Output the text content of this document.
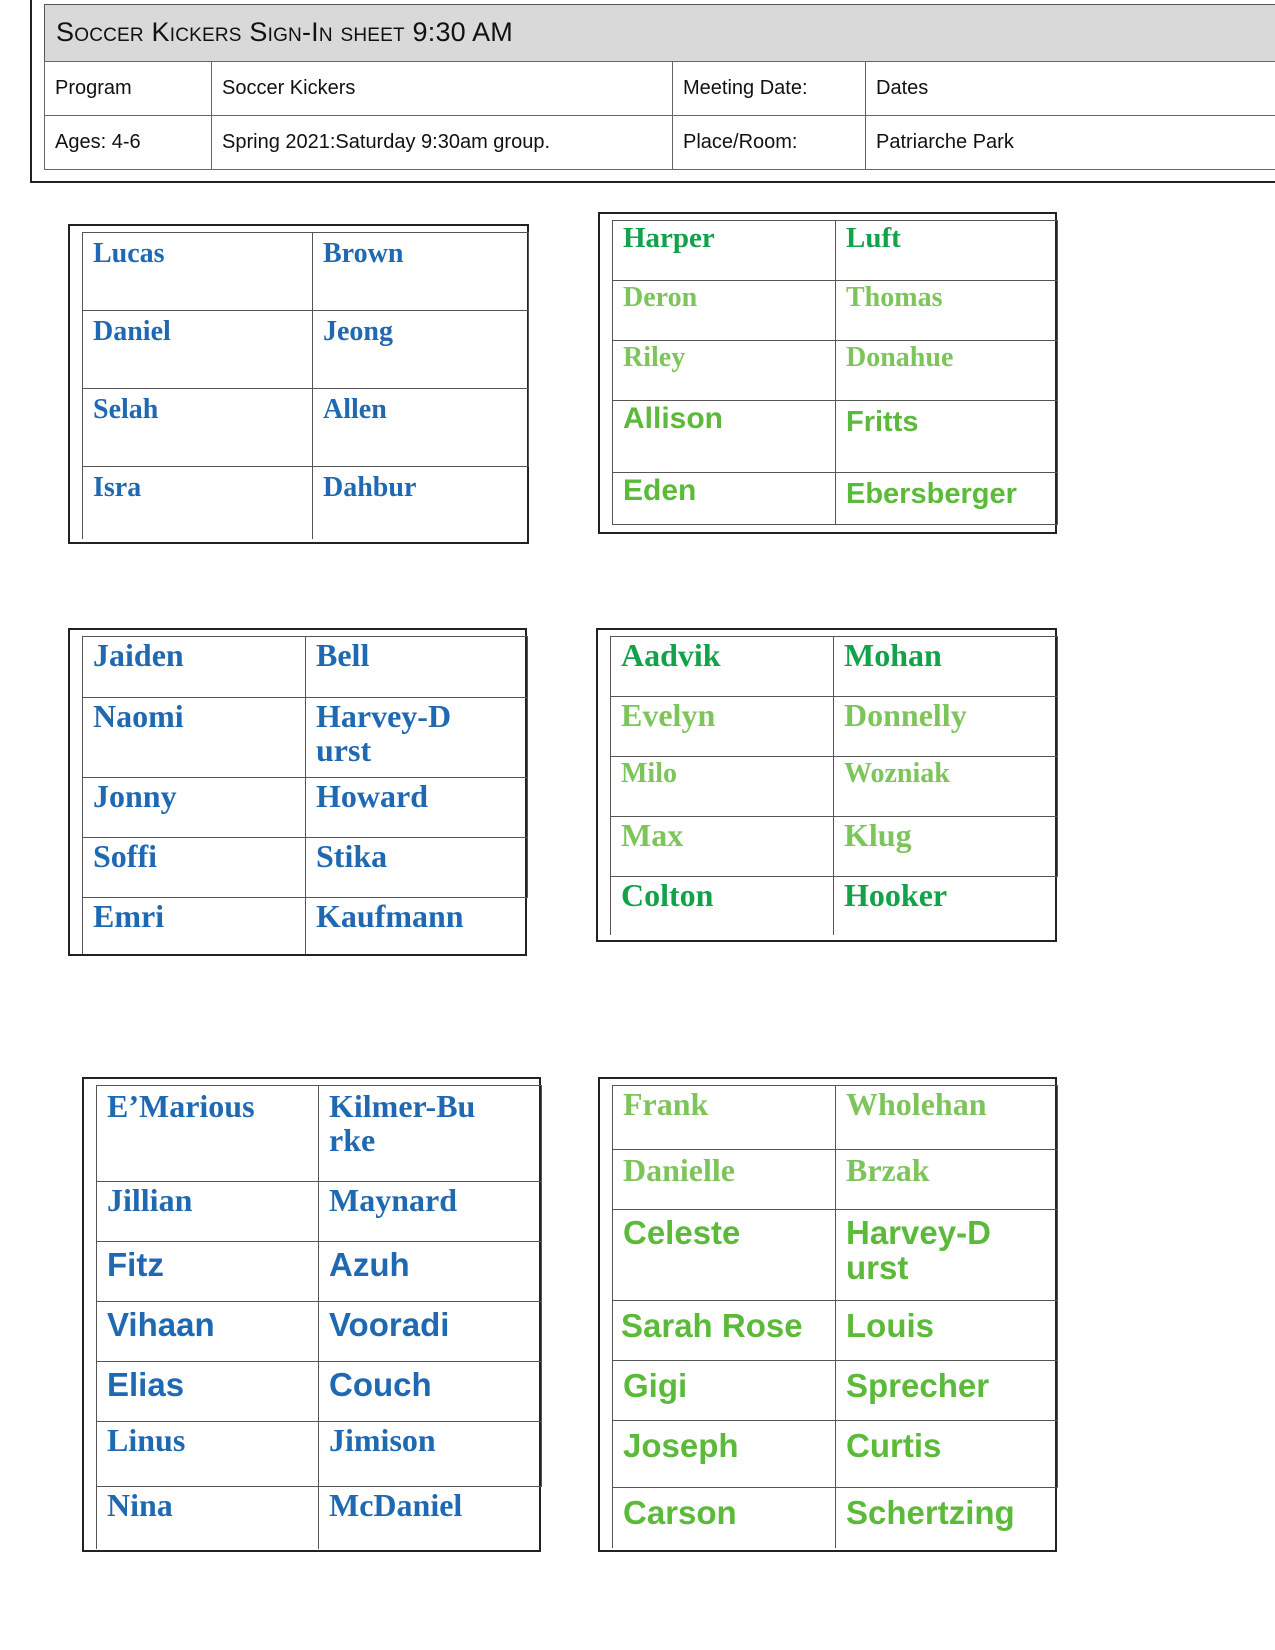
Soccer Kickers Sign-In sheet 9:30 AM
Program	Soccer Kickers	Meeting Date:	Dates
Ages: 4-6	Spring 2021:Saturday 9:30am group.	Place/Room:	Patriarche Park
Lucas	Brown
Daniel	Jeong
Selah	Allen
Isra	Dahbur
Harper	Luft
Deron	Thomas
Riley	Donahue
Allison	Fritts
Eden	Ebersberger
Jaiden	Bell
Naomi	Harvey-Durst
Jonny	Howard
Soffi	Stika
Emri	Kaufmann
Aadvik	Mohan
Evelyn	Donnelly
Milo	Wozniak
Max	Klug
Colton	Hooker
E’Marious	Kilmer-Burke
Jillian	Maynard
Fitz	Azuh
Vihaan	Vooradi
Elias	Couch
Linus	Jimison
Nina	McDaniel
Frank	Wholehan
Danielle	Brzak
Celeste	Harvey-Durst
Sarah Rose	Louis
Gigi	Sprecher
Joseph	Curtis
Carson	Schertzing
